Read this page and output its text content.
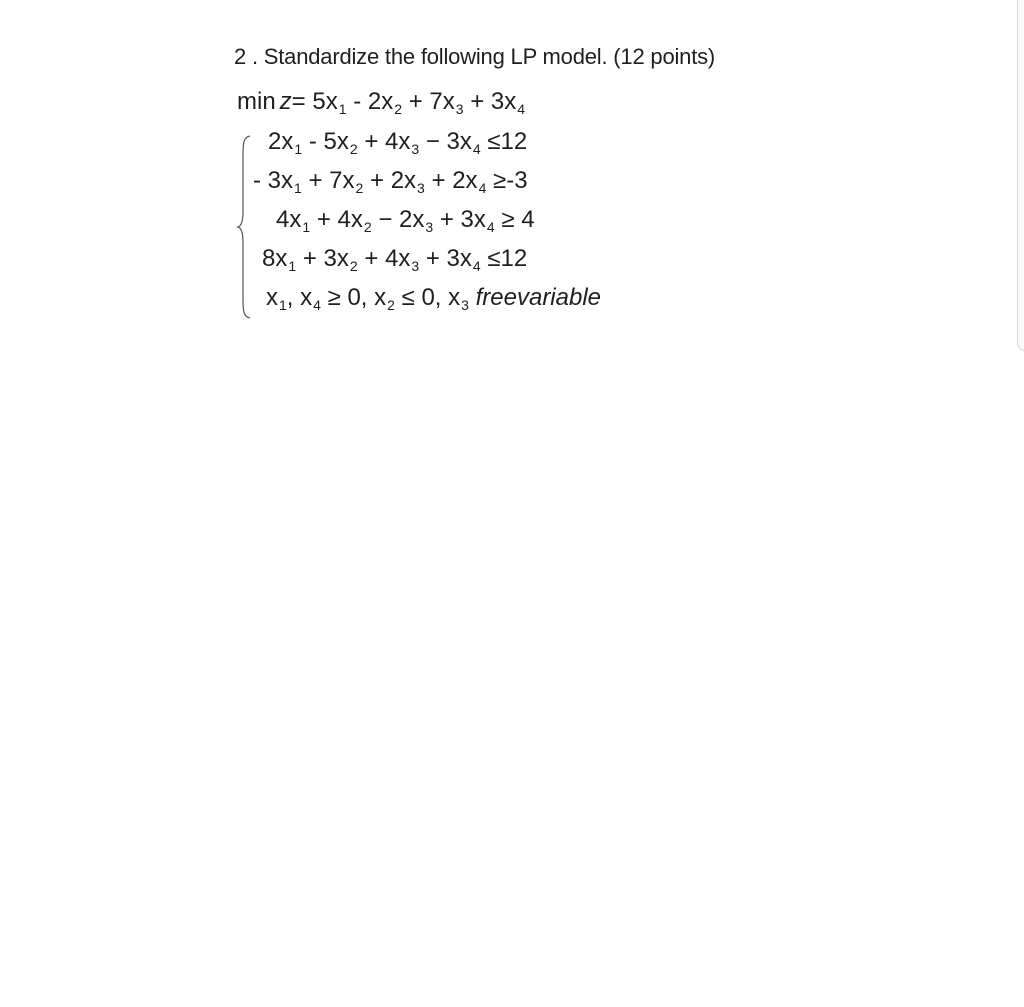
2 . Standardize the following LP model. (12 points)
$\min z= 5x_1 - 2x_2 + 7x_3 + 3x_4$
$2x_1 - 5x_2 + 4x_3 - 3x_4 \le 12$
- $3x_1 + 7x_2 + 2x_3 + 2x_4 \ge-3$
$4x_1 + 4x_2 - 2x_3 + 3x_4 \ge 4$
$8x_1 + 3x_2 + 4x_3 + 3x_4 \le 12$
$x_1$, $x_4 \ge 0$, $x_2 \le 0$, $x_3$ freevariable
